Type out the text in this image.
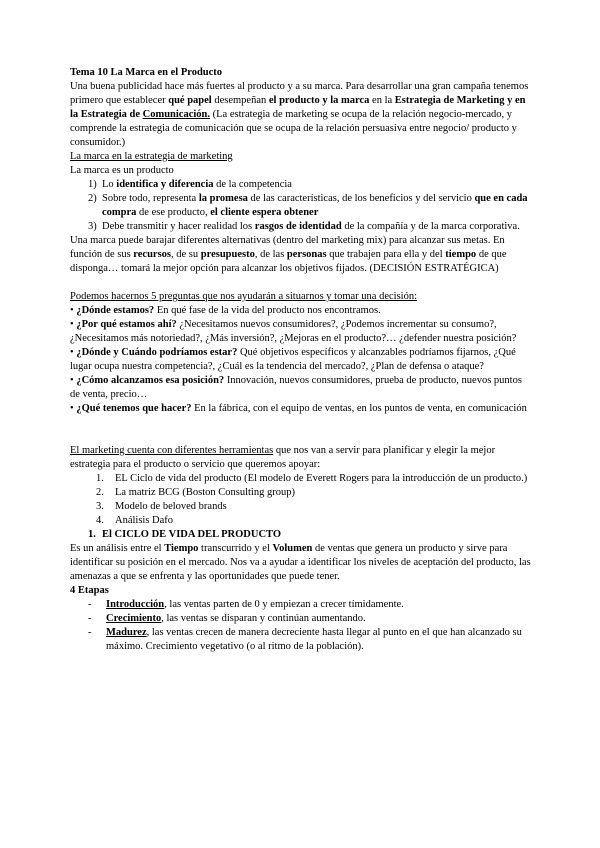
Tema 10 La Marca en el Producto

Una buena publicidad hace más fuertes al producto y a su marca. Para desarrollar una gran campaña tenemos primero que establecer qué papel desempeñan el producto y la marca en la Estrategia de Marketing y en la Estrategia de Comunicación. (La estrategia de marketing se ocupa de la relación negocio-mercado, y comprende la estrategia de comunicación que se ocupa de la relación persuasiva entre negocio/ producto y consumidor.)

La marca en la estrategia de marketing

La marca es un producto

1) Lo identifica y diferencia de la competencia
2) Sobre todo, representa la promesa de las características, de los beneficios y del servicio que en cada compra de ese producto, el cliente espera obtener
3) Debe transmitir y hacer realidad los rasgos de identidad de la compañía y de la marca corporativa.

Una marca puede barajar diferentes alternativas (dentro del marketing mix) para alcanzar sus metas. En función de sus recursos, de su presupuesto, de las personas que trabajen para ella y del tiempo de que disponga… tomará la mejor opción para alcanzar los objetivos fijados. (DECISIÓN ESTRATÉGICA)

Podemos hacernos 5 preguntas que nos ayudarán a situarnos y tomar una decisión:

• ¿Dónde estamos? En qué fase de la vida del producto nos encontramos.

• ¿Por qué estamos ahí? ¿Necesitamos nuevos consumidores?, ¿Podemos incrementar su consumo?, ¿Necesitamos más notoriedad?, ¿Más inversión?, ¿Mejoras en el producto?… ¿defender nuestra posición?

• ¿Dónde y Cuándo podríamos estar? Qué objetivos específicos y alcanzables podríamos fijarnos, ¿Qué lugar ocupa nuestra competencia?, ¿Cuál es la tendencia del mercado?, ¿Plan de defensa o ataque?

• ¿Cómo alcanzamos esa posición? Innovación, nuevos consumidores, prueba de producto, nuevos puntos de venta, precio…

• ¿Qué tenemos que hacer? En la fábrica, con el equipo de ventas, en los puntos de venta, en comunicación

El marketing cuenta con diferentes herramientas que nos van a servir para planificar y elegir la mejor estrategia para el producto o servicio que queremos apoyar:

1.	EL Ciclo de vida del producto (El modelo de Everett Rogers para la introducción de un producto.)
2.	La matriz BCG (Boston Consulting group)
3.	Modelo de beloved brands
4.	Análisis Dafo
1. El CICLO DE VIDA DEL PRODUCTO

Es un análisis entre el Tiempo transcurrido y el Volumen de ventas que genera un producto y sirve para identificar su posición en el mercado. Nos va a ayudar a identificar los niveles de aceptación del producto, las amenazas a que se enfrenta y las oportunidades que puede tener.

4 Etapas

-	Introducción, las ventas parten de 0 y empiezan a crecer tímidamente.
-	Crecimiento, las ventas se disparan y continúan aumentando.
-	Madurez, las ventas crecen de manera decreciente hasta llegar al punto en el que han alcanzado su máximo. Crecimiento vegetativo (o al ritmo de la población).
